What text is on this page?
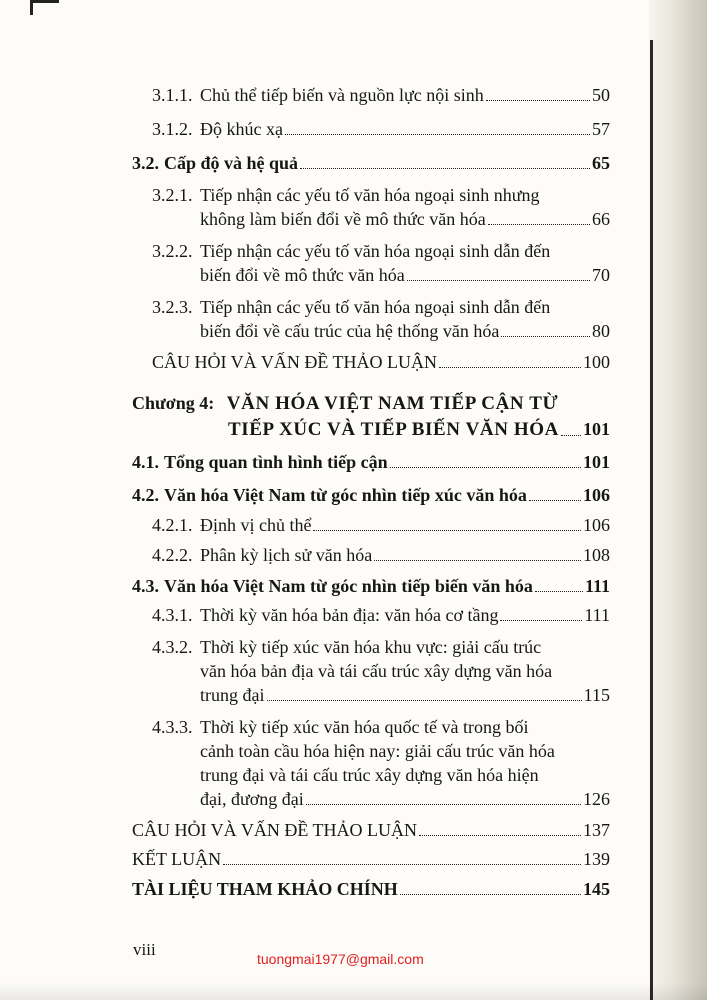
3.1.1. Chủ thể tiếp biến và nguồn lực nội sinh	50
3.1.2. Độ khúc xạ	57
3.2. Cấp độ và hệ quả	65
3.2.1. Tiếp nhận các yếu tố văn hóa ngoại sinh nhưng
không làm biến đổi về mô thức văn hóa	66
3.2.2. Tiếp nhận các yếu tố văn hóa ngoại sinh dẫn đến
biến đổi về mô thức văn hóa	70
3.2.3. Tiếp nhận các yếu tố văn hóa ngoại sinh dẫn đến
biến đổi về cấu trúc của hệ thống văn hóa	80
CÂU HỎI VÀ VẤN ĐỀ THẢO LUẬN	100
Chương 4: VĂN HÓA VIỆT NAM TIẾP CẬN TỪ
TIẾP XÚC VÀ TIẾP BIẾN VĂN HÓA 101
4.1. Tổng quan tình hình tiếp cận	101
4.2. Văn hóa Việt Nam từ góc nhìn tiếp xúc văn hóa	106
4.2.1. Định vị chủ thể	106
4.2.2. Phân kỳ lịch sử văn hóa	108
4.3. Văn hóa Việt Nam từ góc nhìn tiếp biến văn hóa	111
4.3.1. Thời kỳ văn hóa bản địa: văn hóa cơ tầng	111
4.3.2. Thời kỳ tiếp xúc văn hóa khu vực: giải cấu trúc
văn hóa bản địa và tái cấu trúc xây dựng văn hóa
trung đại	115
4.3.3. Thời kỳ tiếp xúc văn hóa quốc tế và trong bối
cảnh toàn cầu hóa hiện nay: giải cấu trúc văn hóa
trung đại và tái cấu trúc xây dựng văn hóa hiện
đại, đương đại	126
CÂU HỎI VÀ VẤN ĐỀ THẢO LUẬN	137
KẾT LUẬN	139
TÀI LIỆU THAM KHẢO CHÍNH	145
viii	tuongmai1977@gmail.com
